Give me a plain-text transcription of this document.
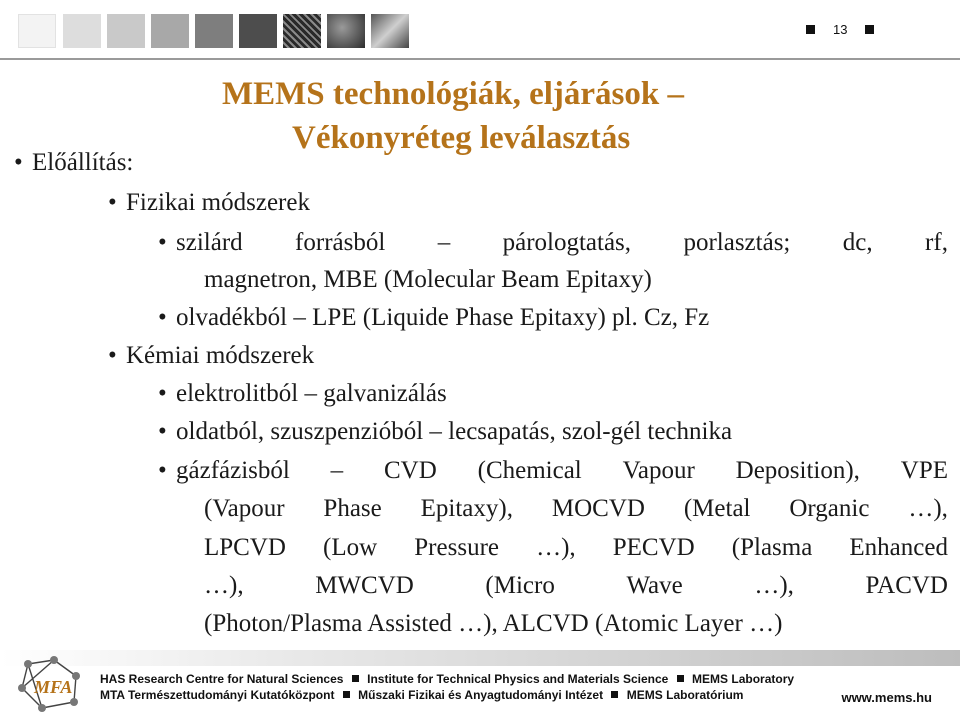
13
MEMS technológiák, eljárások –
Vékonyréteg leválasztás
• Előállítás:
• Fizikai módszerek
• szilárd forrásból – párologtatás, porlasztás; dc, rf,
magnetron, MBE (Molecular Beam Epitaxy)
• olvadékból – LPE (Liquide Phase Epitaxy) pl. Cz, Fz
• Kémiai módszerek
• elektrolitból – galvanizálás
• oldatból, szuszpenzióból – lecsapatás, szol-gél technika
• gázfázisból – CVD (Chemical Vapour Deposition), VPE
(Vapour Phase Epitaxy), MOCVD (Metal Organic …),
LPCVD (Low Pressure …), PECVD (Plasma Enhanced
…),	MWCVD	(Micro	Wave	…),	PACVD
(Photon/Plasma Assisted …), ALCVD (Atomic Layer …)
MFA HAS Research Centre for Natural Sciences Institute for Technical Physics and Materials Science MEMS Laboratory
MTA Természettudományi Kutatóközpont Műszaki Fizikai és Anyagtudományi Intézet MEMS Laboratórium	www.mems.hu
